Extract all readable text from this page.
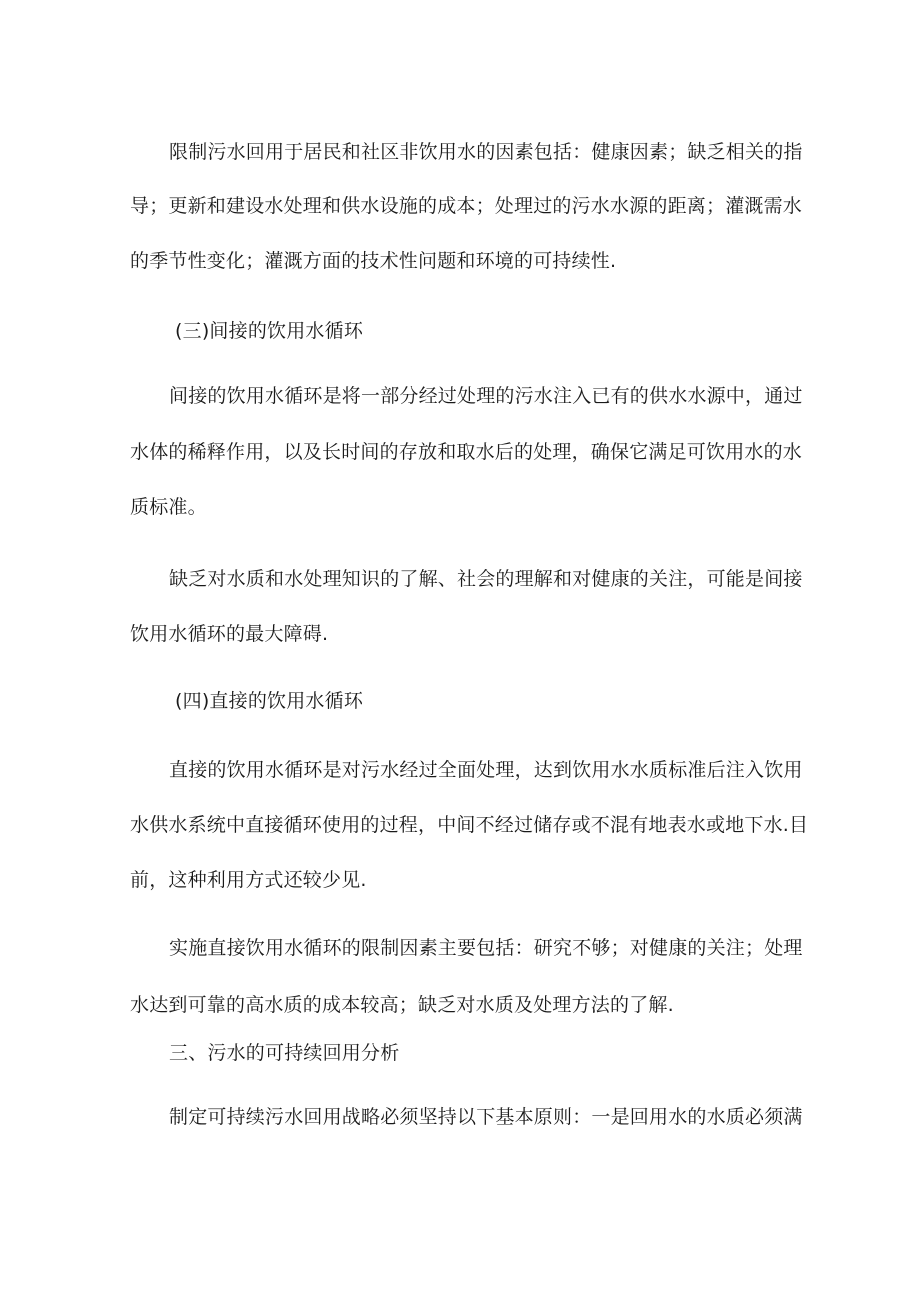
限制污水回用于居民和社区非饮用水的因素包括：健康因素；缺乏相关的指
导；更新和建设水处理和供水设施的成本；处理过的污水水源的距离；灌溉需水
的季节性变化；灌溉方面的技术性问题和环境的可持续性.
(三)间接的饮用水循环
间接的饮用水循环是将一部分经过处理的污水注入已有的供水水源中，通过
水体的稀释作用，以及长时间的存放和取水后的处理，确保它满足可饮用水的水
质标准。
缺乏对水质和水处理知识的了解、社会的理解和对健康的关注，可能是间接
饮用水循环的最大障碍.
(四)直接的饮用水循环
直接的饮用水循环是对污水经过全面处理，达到饮用水水质标准后注入饮用
水供水系统中直接循环使用的过程，中间不经过储存或不混有地表水或地下水.目
前，这种利用方式还较少见.
实施直接饮用水循环的限制因素主要包括：研究不够；对健康的关注；处理
水达到可靠的高水质的成本较高；缺乏对水质及处理方法的了解.
三、污水的可持续回用分析
制定可持续污水回用战略必须坚持以下基本原则：一是回用水的水质必须满
